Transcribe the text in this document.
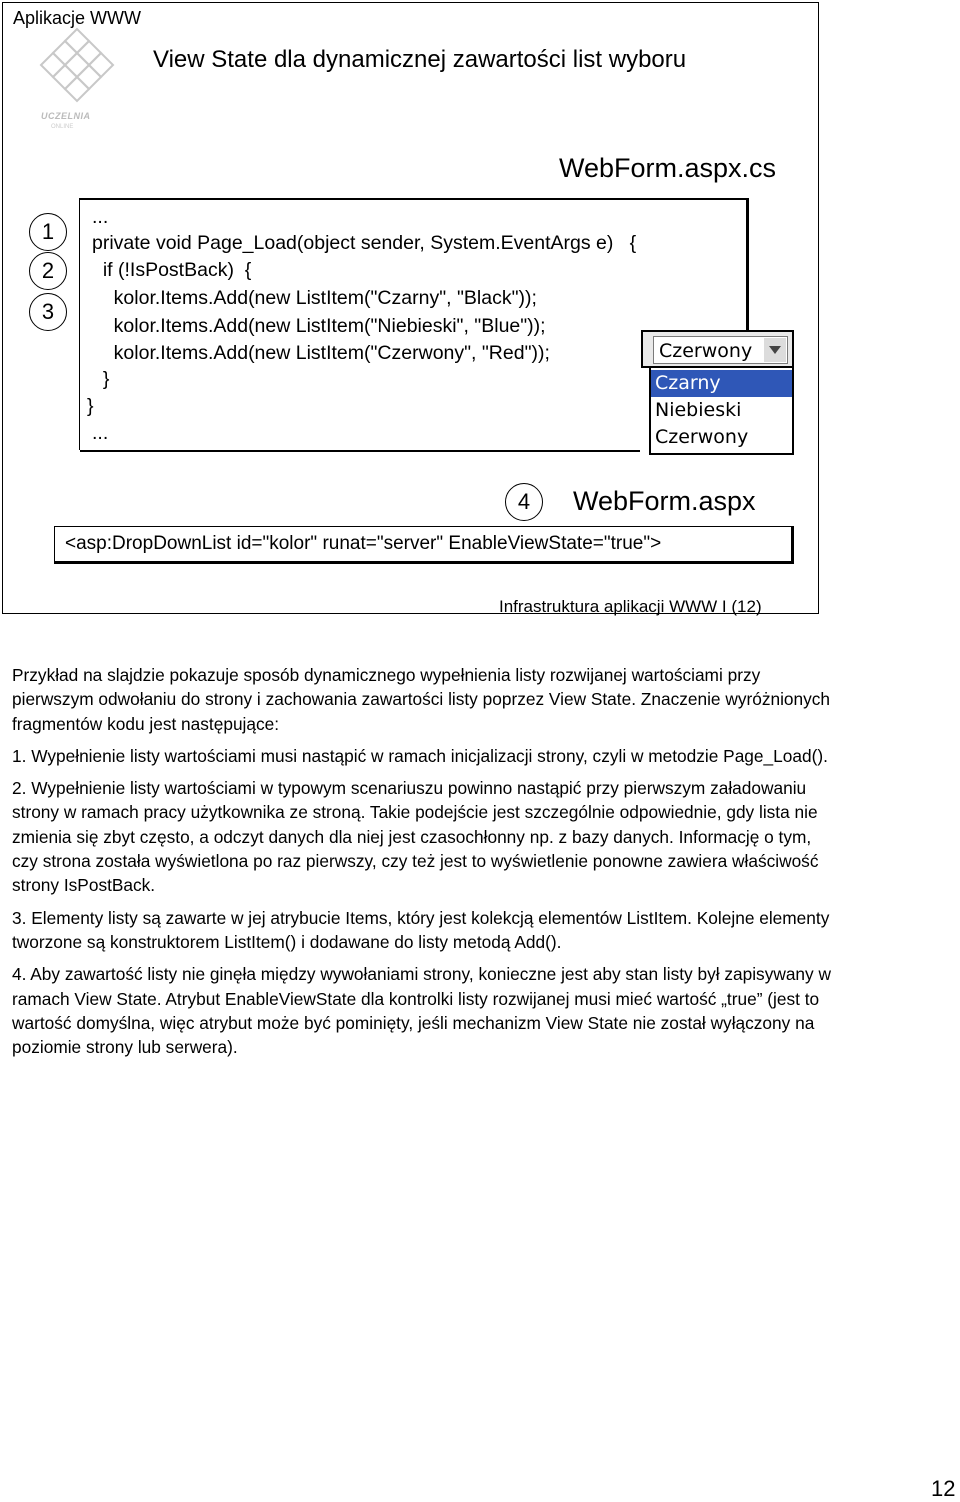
Aplikacje WWW
UCZELNIA
ONLINE
View State dla dynamicznej zawartości list wyboru
WebForm.aspx.cs
...
private void Page_Load(object sender, System.EventArgs e)   {
if (!IsPostBack)  {
kolor.Items.Add(new ListItem("Czarny", "Black"));
kolor.Items.Add(new ListItem("Niebieski", "Blue"));
kolor.Items.Add(new ListItem("Czerwony", "Red"));
}
}
...
1
2
3
4
Czerwony
Czarny
Niebieski
Czerwony
WebForm.aspx
<asp:DropDownList id="kolor" runat="server" EnableViewState="true">
Infrastruktura aplikacji WWW I (12)

Przykład na slajdzie pokazuje sposób dynamicznego wypełnienia listy rozwijanej wartościami przy pierwszym odwołaniu do strony i zachowania zawartości listy poprzez View State. Znaczenie wyróżnionych fragmentów kodu jest następujące:

1. Wypełnienie listy wartościami musi nastąpić w ramach inicjalizacji strony, czyli w metodzie Page_Load().

2. Wypełnienie listy wartościami w typowym scenariuszu powinno nastąpić przy pierwszym załadowaniu strony w ramach pracy użytkownika ze stroną. Takie podejście jest szczególnie odpowiednie, gdy lista nie zmienia się zbyt często, a odczyt danych dla niej jest czasochłonny np. z bazy danych. Informację o tym, czy strona została wyświetlona po raz pierwszy, czy też jest to wyświetlenie ponowne zawiera właściwość strony IsPostBack.

3. Elementy listy są zawarte w jej atrybucie Items, który jest kolekcją elementów ListItem. Kolejne elementy tworzone są konstruktorem ListItem() i dodawane do listy metodą Add().

4. Aby zawartość listy nie ginęła między wywołaniami strony, konieczne jest aby stan listy był zapisywany w ramach View State. Atrybut EnableViewState dla kontrolki listy rozwijanej musi mieć wartość „true” (jest to wartość domyślna, więc atrybut może być pominięty, jeśli mechanizm View State nie został wyłączony na poziomie strony lub serwera).

12
